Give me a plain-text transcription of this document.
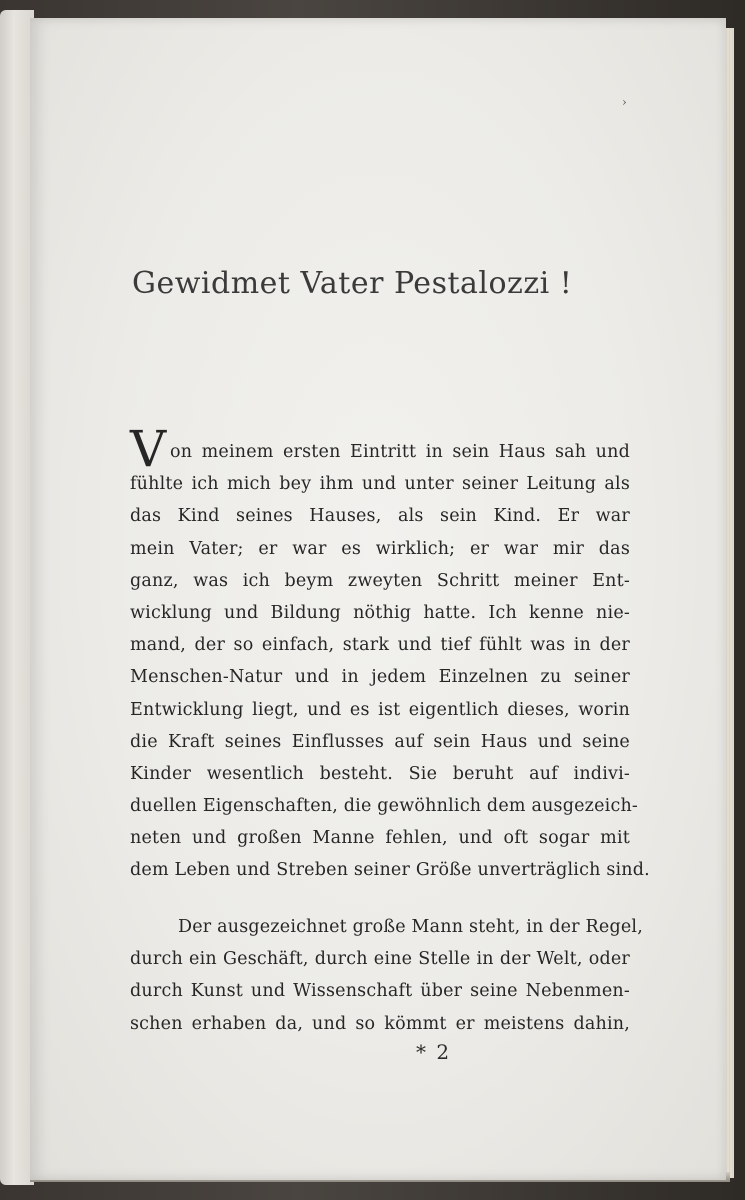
›
Gewidmet Vater Pestalozzi !
V on meinem ersten Eintritt in sein Haus sah und
fühlte ich mich bey ihm und unter seiner Leitung als
das Kind seines Hauses, als sein Kind. Er war
mein Vater; er war es wirklich; er war mir das
ganz, was ich beym zweyten Schritt meiner Ent-
wicklung und Bildung nöthig hatte. Ich kenne nie-
mand, der so einfach, stark und tief fühlt was in der
Menschen-Natur und in jedem Einzelnen zu seiner
Entwicklung liegt, und es ist eigentlich dieses, worin
die Kraft seines Einflusses auf sein Haus und seine
Kinder wesentlich besteht. Sie beruht auf indivi-
duellen Eigenschaften, die gewöhnlich dem ausgezeich-
neten und großen Manne fehlen, und oft sogar mit
dem Leben und Streben seiner Größe unverträglich sind.
Der ausgezeichnet große Mann steht, in der Regel,
durch ein Geschäft, durch eine Stelle in der Welt, oder
durch Kunst und Wissenschaft über seine Nebenmen-
schen erhaben da, und so kömmt er meistens dahin,
* 2
